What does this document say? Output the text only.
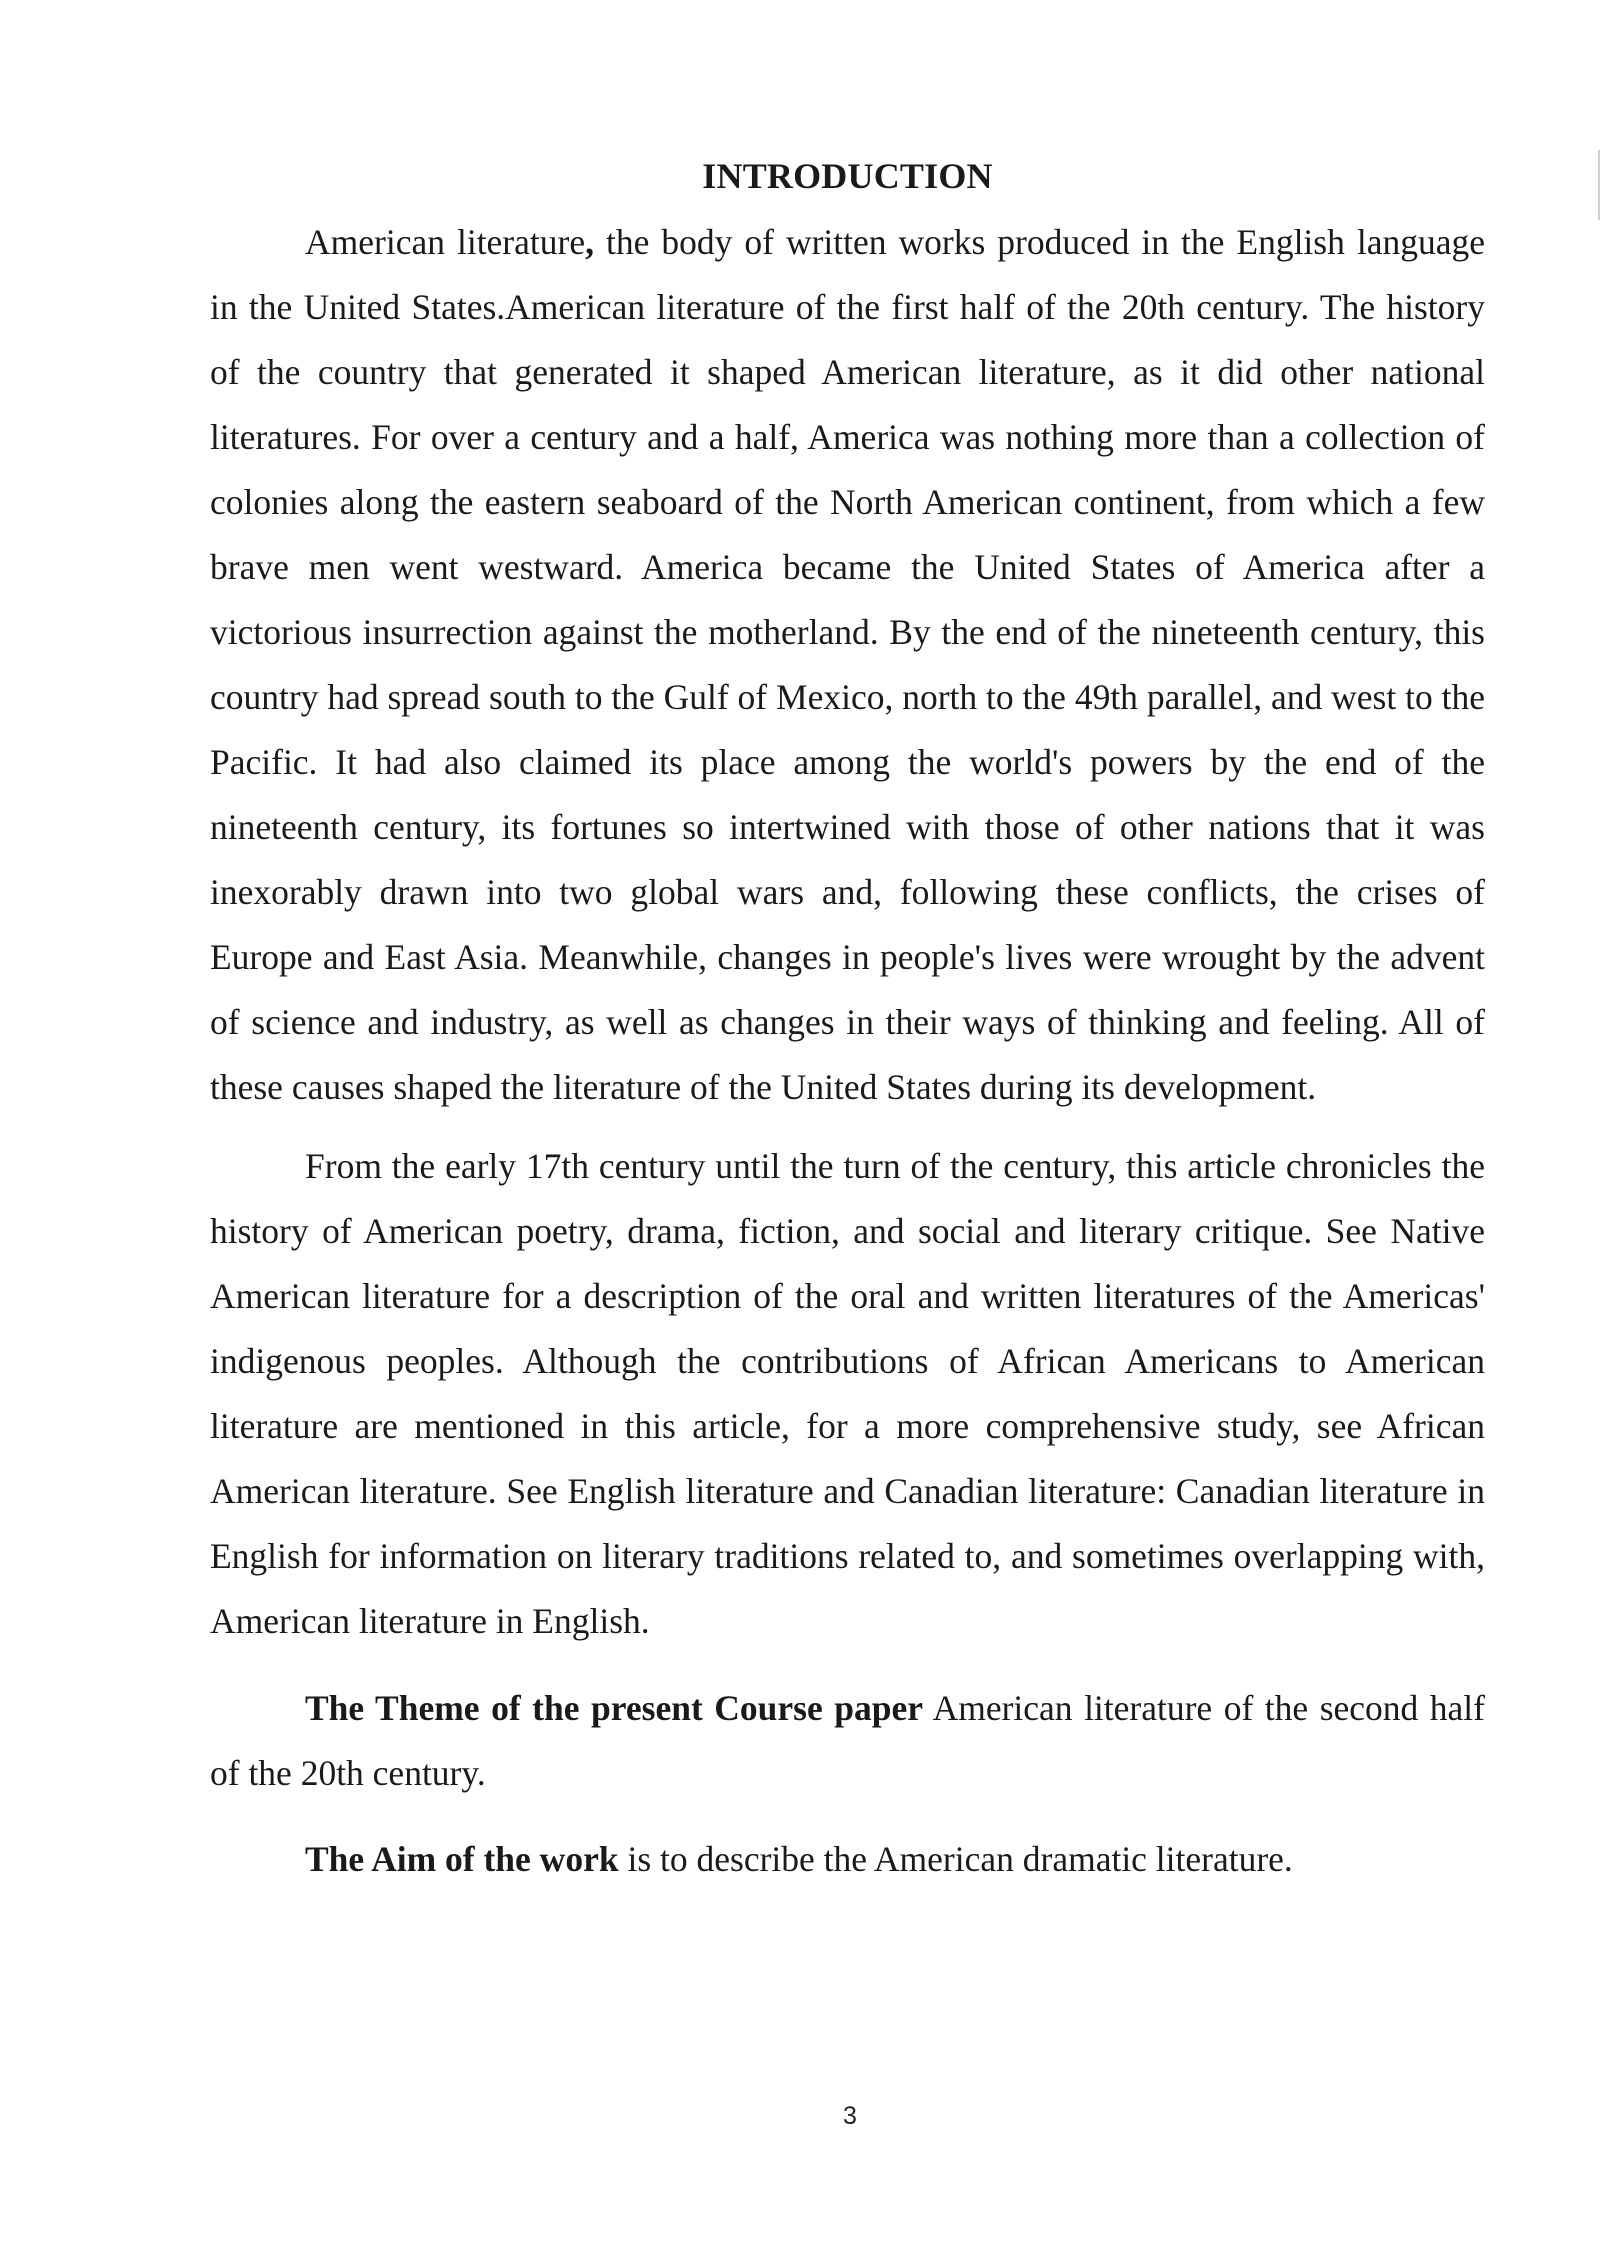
INTRODUCTION

American literature, the body of written works produced in the English language in the United States.American literature of the first half of the 20th century. The history of the country that generated it shaped American literature, as it did other national literatures. For over a century and a half, America was nothing more than a collection of colonies along the eastern seaboard of the North American continent, from which a few brave men went westward. America became the United States of America after a victorious insurrection against the motherland. By the end of the nineteenth century, this country had spread south to the Gulf of Mexico, north to the 49th parallel, and west to the Pacific. It had also claimed its place among the world's powers by the end of the nineteenth century, its fortunes so intertwined with those of other nations that it was inexorably drawn into two global wars and, following these conflicts, the crises of Europe and East Asia. Meanwhile, changes in people's lives were wrought by the advent of science and industry, as well as changes in their ways of thinking and feeling. All of these causes shaped the literature of the United States during its development.

From the early 17th century until the turn of the century, this article chronicles the history of American poetry, drama, fiction, and social and literary critique. See Native American literature for a description of the oral and written literatures of the Americas' indigenous peoples. Although the contributions of African Americans to American literature are mentioned in this article, for a more comprehensive study, see African American literature. See English literature and Canadian literature: Canadian literature in English for information on literary traditions related to, and sometimes overlapping with, American literature in English.

The Theme of the present Course paper American literature of the second half of the 20th century.

The Aim of the work is to describe the American dramatic literature.

3
